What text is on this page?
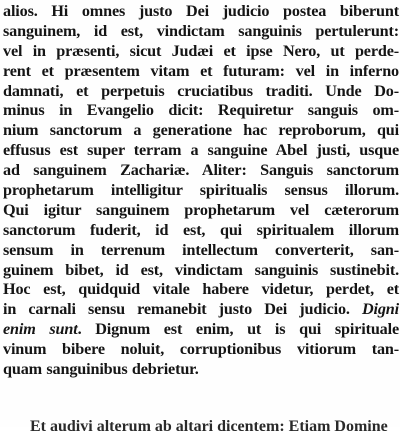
alios. Hi omnes justo Dei judicio postea biberunt
sanguinem, id est, vindictam sanguinis pertulerunt:
vel in præsenti, sicut Judæi et ipse Nero, ut perde-
rent et præsentem vitam et futuram: vel in inferno
damnati, et perpetuis cruciatibus traditi. Unde Do-
minus in Evangelio dicit: Requiretur sanguis om-
nium sanctorum a generatione hac reproborum, qui
effusus est super terram a sanguine Abel justi, usque
ad sanguinem Zachariæ. Aliter: Sanguis sanctorum
prophetarum intelligitur spiritualis sensus illorum.
Qui igitur sanguinem prophetarum vel cæterorum
sanctorum fuderit, id est, qui spiritualem illorum
sensum in terrenum intellectum converterit, san-
guinem bibet, id est, vindictam sanguinis sustinebit.
Hoc est, quidquid vitale habere videtur, perdet, et
in carnali sensu remanebit justo Dei judicio. Digni
enim sunt. Dignum est enim, ut is qui spirituale
vinum bibere noluit, corruptionibus vitiorum tan-
quam sanguinibus debrietur.
Et audivi alterum ab altari dicentem: Etiam Domine
